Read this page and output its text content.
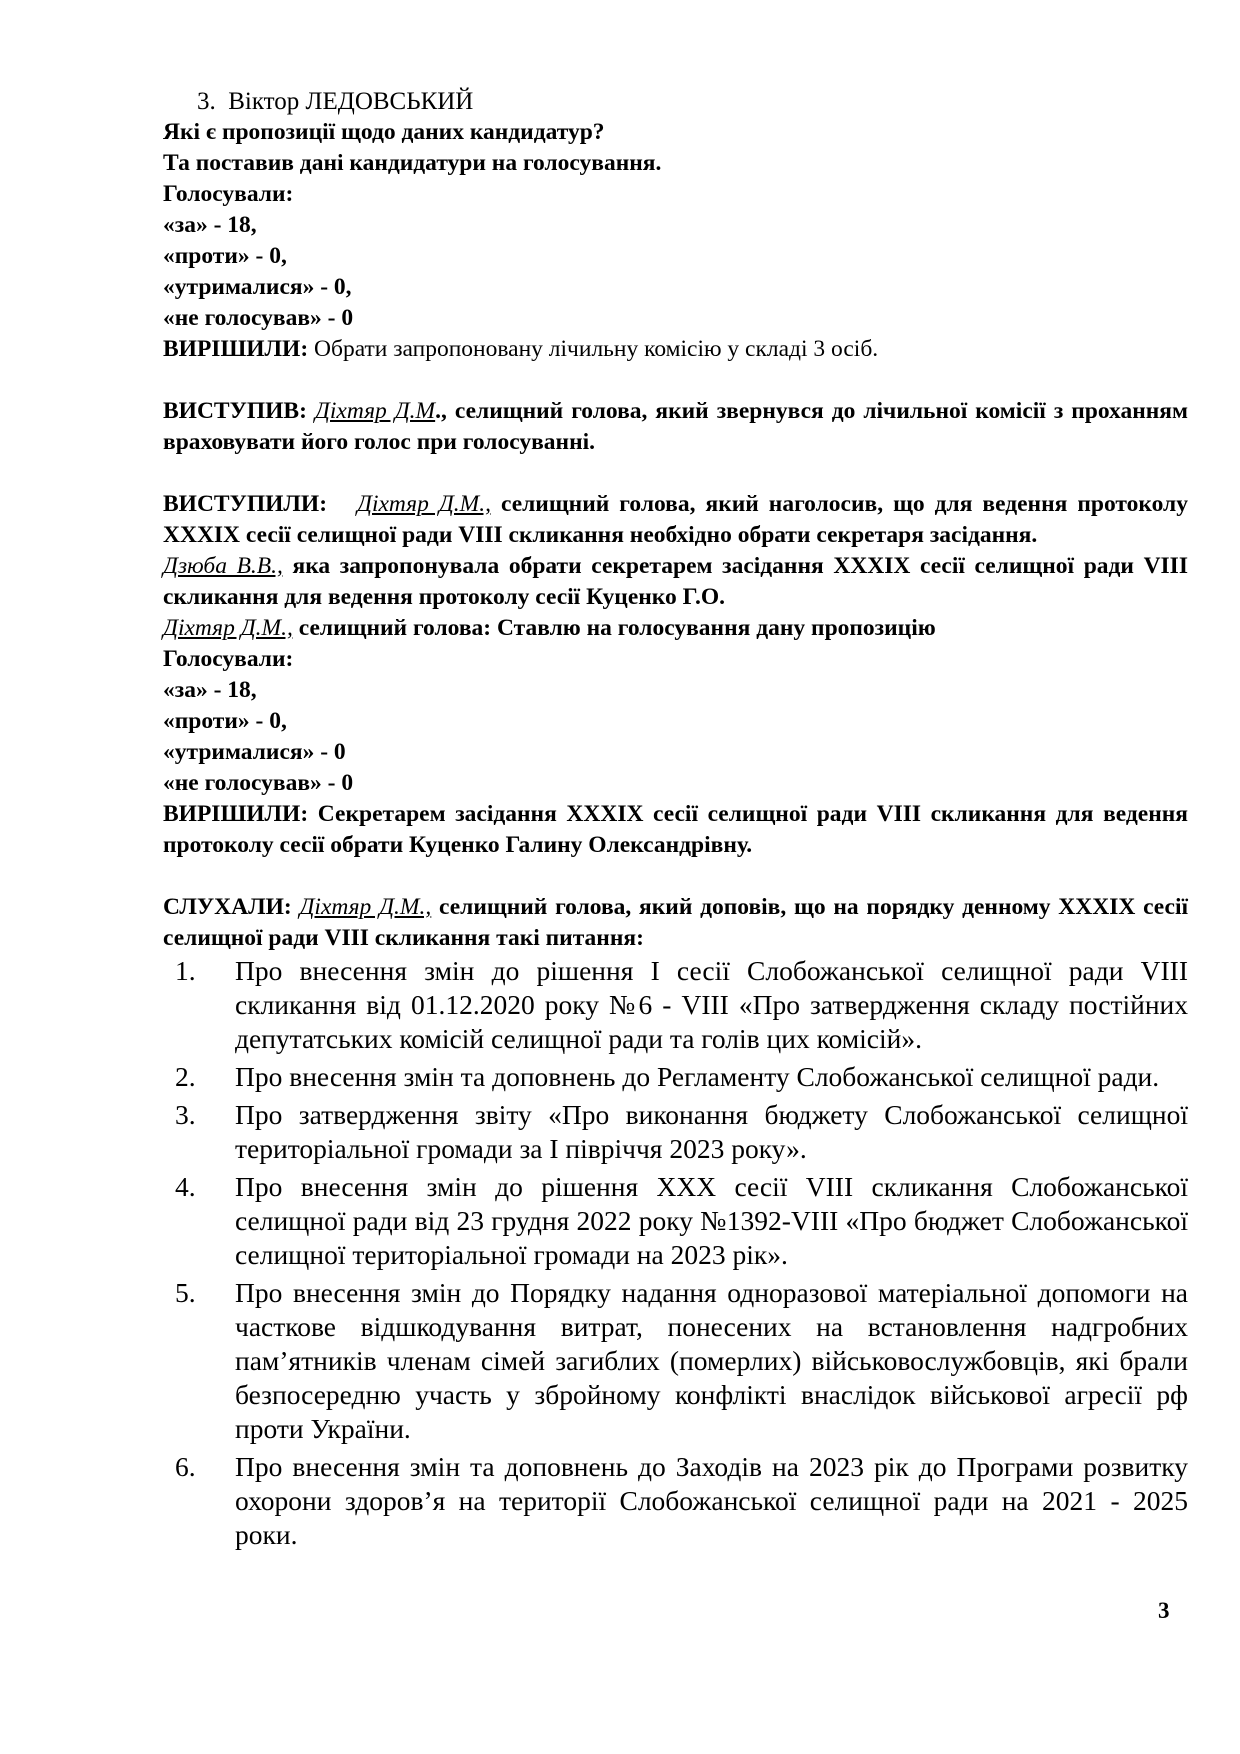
3. Віктор ЛЕДОВСЬКИЙ
Які є пропозиції щодо даних кандидатур?
Та поставив дані кандидатури на голосування.
Голосували:
«за» - 18,
«проти» - 0,
«утрималися» - 0,
«не голосував» - 0
ВИРІШИЛИ: Обрати запропоновану лічильну комісію у складі 3 осіб.
ВИСТУПИВ: Діхтяр Д.М., селищний голова, який звернувся до лічильної комісії з проханням враховувати його голос при голосуванні.
ВИСТУПИЛИ: Діхтяр Д.М., селищний голова, який наголосив, що для ведення протоколу XXXIX сесії селищної ради VIII скликання необхідно обрати секретаря засідання.
Дзюба В.В., яка запропонувала обрати секретарем засідання XXXIX сесії селищної ради VIII скликання для ведення протоколу сесії Куценко Г.О.
Діхтяр Д.М., селищний голова: Ставлю на голосування дану пропозицію
Голосували:
«за» - 18,
«проти» - 0,
«утрималися» - 0
«не голосував» - 0
ВИРІШИЛИ: Секретарем засідання XXXIX сесії селищної ради VIII скликання для ведення протоколу сесії обрати Куценко Галину Олександрівну.
СЛУХАЛИ: Діхтяр Д.М., селищний голова, який доповів, що на порядку денному XXXIX сесії селищної ради VIII скликання такі питання:
1.	Про внесення змін до рішення I сесії Слобожанської селищної ради VIII скликання від 01.12.2020 року №6 - VIII «Про затвердження складу постійних депутатських комісій селищної ради та голів цих комісій».
2.	Про внесення змін та доповнень до Регламенту Слобожанської селищної ради.
3.	Про затвердження звіту «Про виконання бюджету Слобожанської селищної територіальної громади за I півріччя 2023 року».
4.	Про внесення змін до рішення XXX сесії VIII скликання Слобожанської селищної ради від 23 грудня 2022 року №1392-VIII «Про бюджет Слобожанської селищної територіальної громади на 2023 рік».
5.	Про внесення змін до Порядку надання одноразової матеріальної допомоги на часткове відшкодування витрат, понесених на встановлення надгробних пам’ятників членам сімей загиблих (померлих) військовослужбовців, які брали безпосередню участь у збройному конфлікті внаслідок військової агресії рф проти України.
6.	Про внесення змін та доповнень до Заходів на 2023 рік до Програми розвитку охорони здоров’я на території Слобожанської селищної ради на 2021 - 2025 роки.
3
